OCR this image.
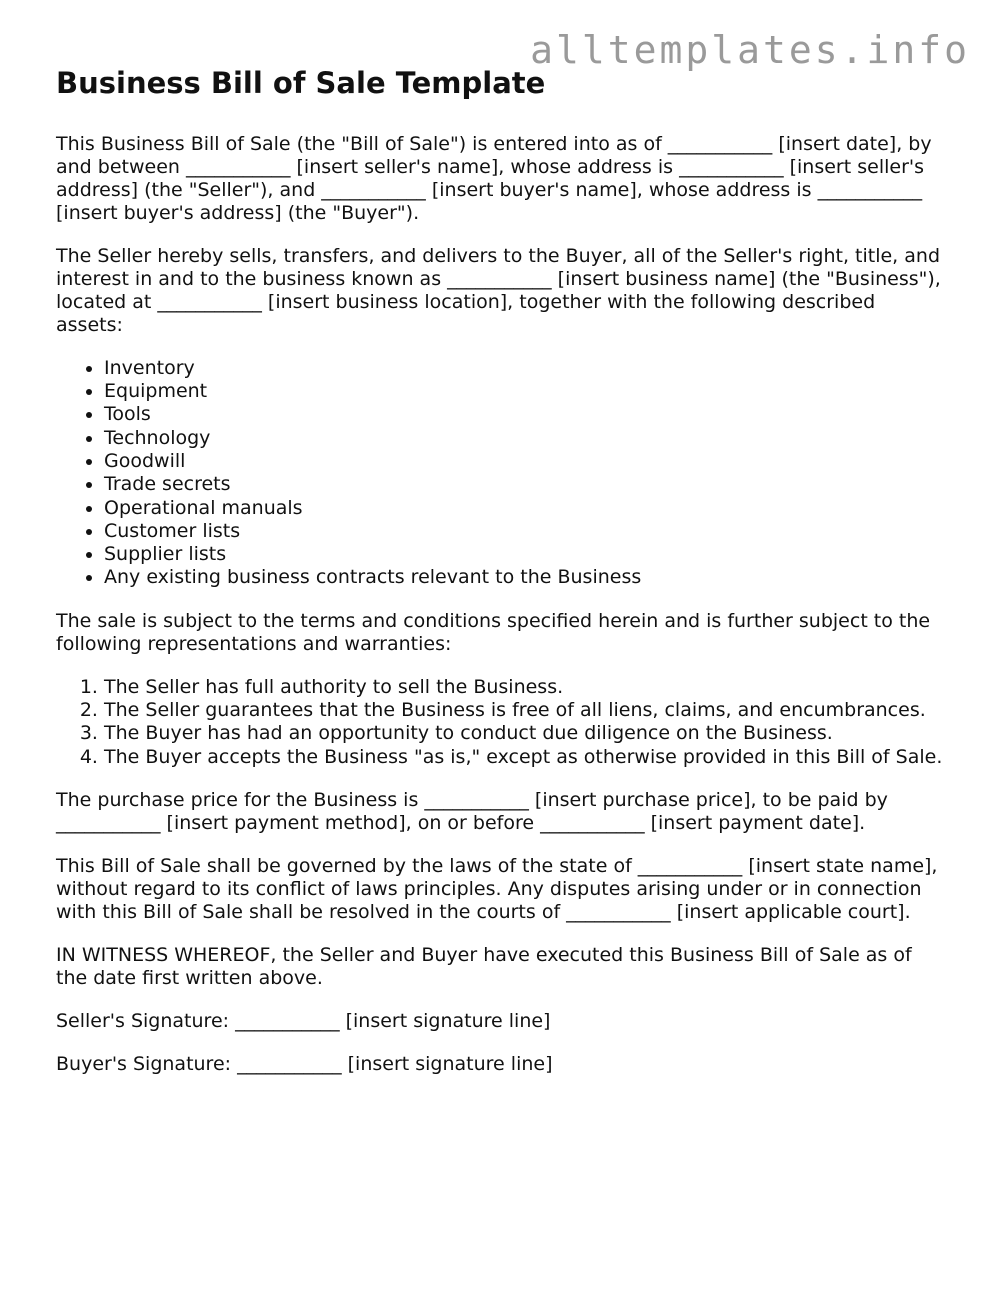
alltemplates.info
Business Bill of Sale Template

This Business Bill of Sale (the "Bill of Sale") is entered into as of ___________ [insert date], by and between ___________ [insert seller's name], whose address is ___________ [insert seller's address] (the "Seller"), and ___________ [insert buyer's name], whose address is ___________ [insert buyer's address] (the "Buyer").

The Seller hereby sells, transfers, and delivers to the Buyer, all of the Seller's right, title, and interest in and to the business known as ___________ [insert business name] (the "Business"), located at ___________ [insert business location], together with the following described assets:

• Inventory
• Equipment
• Tools
• Technology
• Goodwill
• Trade secrets
• Operational manuals
• Customer lists
• Supplier lists
• Any existing business contracts relevant to the Business

The sale is subject to the terms and conditions specified herein and is further subject to the following representations and warranties:

1. The Seller has full authority to sell the Business.
2. The Seller guarantees that the Business is free of all liens, claims, and encumbrances.
3. The Buyer has had an opportunity to conduct due diligence on the Business.
4. The Buyer accepts the Business "as is," except as otherwise provided in this Bill of Sale.

The purchase price for the Business is ___________ [insert purchase price], to be paid by ___________ [insert payment method], on or before ___________ [insert payment date].

This Bill of Sale shall be governed by the laws of the state of ___________ [insert state name], without regard to its conflict of laws principles. Any disputes arising under or in connection with this Bill of Sale shall be resolved in the courts of ___________ [insert applicable court].

IN WITNESS WHEREOF, the Seller and Buyer have executed this Business Bill of Sale as of the date first written above.

Seller's Signature: ___________ [insert signature line]

Buyer's Signature: ___________ [insert signature line]
